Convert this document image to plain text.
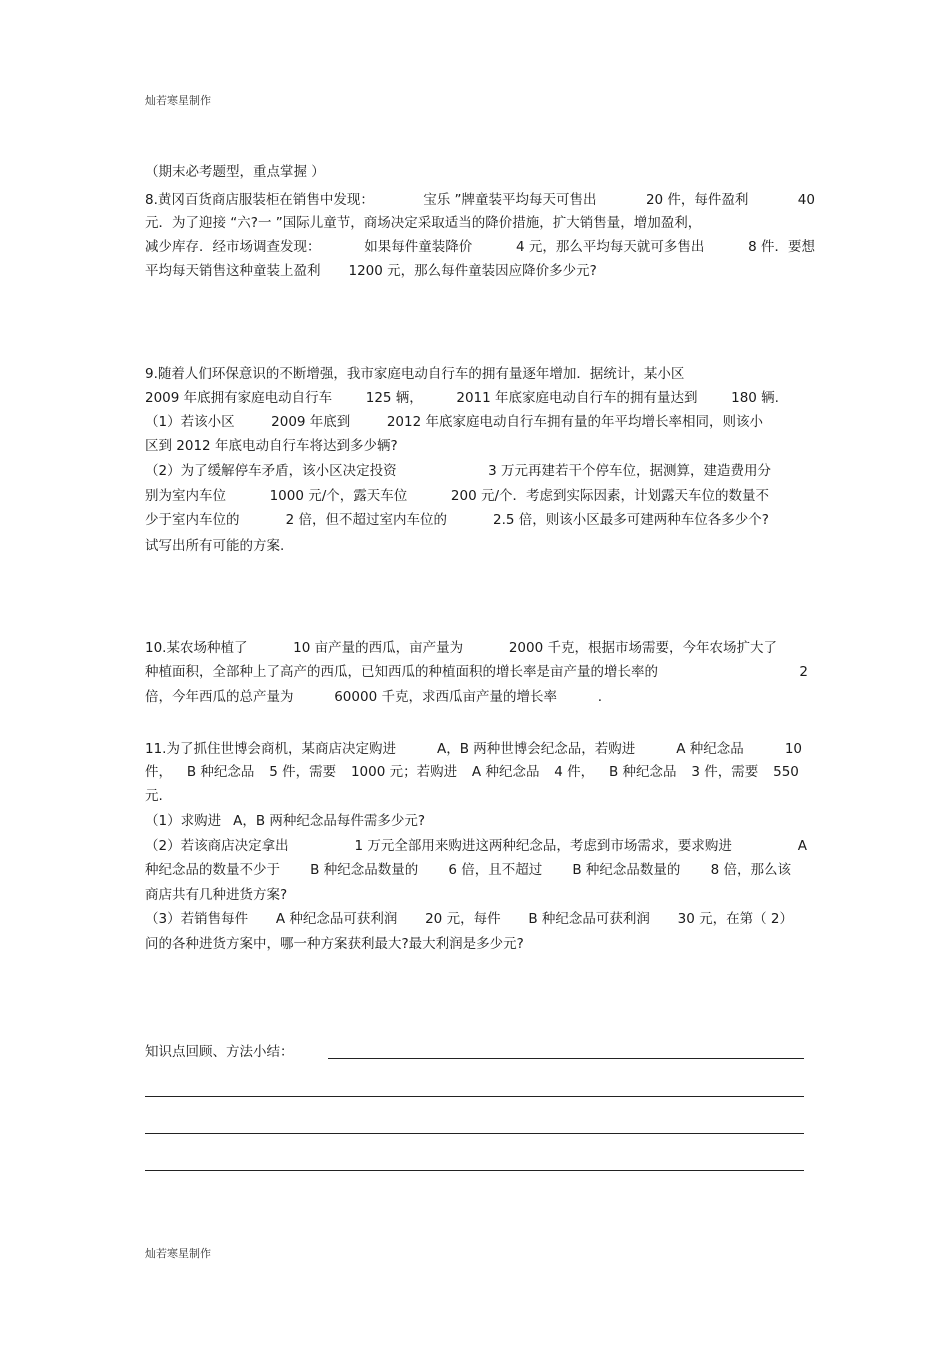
灿若寒星制作
（期末必考题型，重点掌握 ）
8.黄冈百货商店服装柜在销售中发现：	宝乐 ”牌童装平均每天可售出	20 件，每件盈利	40
元．为了迎接 “六?一 ”国际儿童节，商场决定采取适当的降价措施，扩大销售量，增加盈利，
减少库存．经市场调查发现：	如果每件童装降价	4 元，那么平均每天就可多售出	8 件．要想
平均每天销售这种童装上盈利 1200 元，那么每件童装因应降价多少元?
9.随着人们环保意识的不断增强，我市家庭电动自行车的拥有量逐年增加．据统计，某小区
2009 年底拥有家庭电动自行车 125 辆， 2011 年底家庭电动自行车的拥有量达到 180 辆.
（1）若该小区	2009 年底到	2012 年底家庭电动自行车拥有量的年平均增长率相同，则该小
区到 2012 年底电动自行车将达到多少辆?
（2）为了缓解停车矛盾，该小区决定投资	3 万元再建若干个停车位，据测算，建造费用分
别为室内车位	1000 元/个，露天车位	200 元/个．考虑到实际因素，计划露天车位的数量不
少于室内车位的	2 倍，但不超过室内车位的	2.5 倍，则该小区最多可建两种车位各多少个?
试写出所有可能的方案.
10.某农场种植了	10 亩产量的西瓜，亩产量为	2000 千克，根据市场需要，今年农场扩大了
种植面积，全部种上了高产的西瓜，已知西瓜的种植面积的增长率是亩产量的增长率的	2
倍，今年西瓜的总产量为	60000 千克，求西瓜亩产量的增长率	.
11.为了抓住世博会商机，某商店决定购进	A，B 两种世博会纪念品，若购进	A 种纪念品	10
件， B 种纪念品 5 件，需要 1000 元；若购进 A 种纪念品 4 件， B 种纪念品 3 件，需要 550
元.
（1）求购进 A，B 两种纪念品每件需多少元?
（2）若该商店决定拿出	1 万元全部用来购进这两种纪念品，考虑到市场需求，要求购进	A
种纪念品的数量不少于 B 种纪念品数量的 6 倍，且不超过 B 种纪念品数量的 8 倍，那么该
商店共有几种进货方案?
（3）若销售每件 A 种纪念品可获利润 20 元，每件 B 种纪念品可获利润 30 元，在第（ 2）
问的各种进货方案中，哪一种方案获利最大?最大利润是多少元?
知识点回顾、方法小结：
灿若寒星制作
